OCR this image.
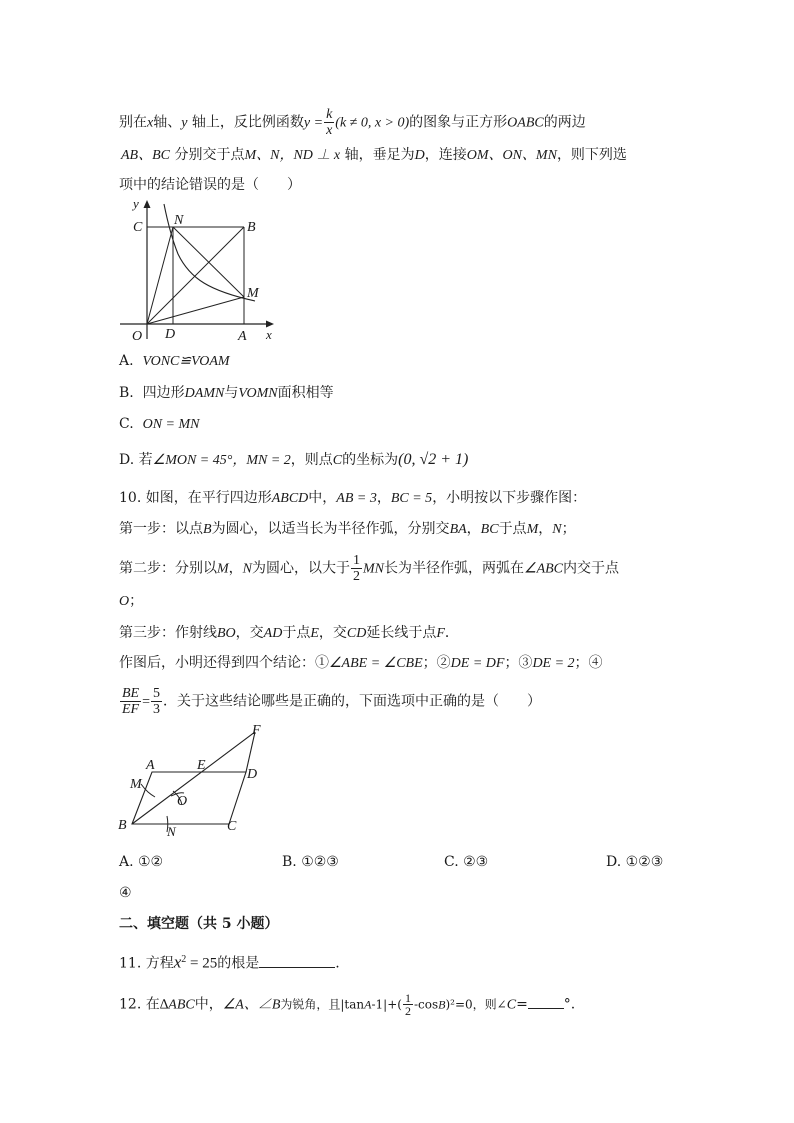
别在x轴、y 轴上，反比例函数$y = \frac{k}{x} (k \ne 0$, x > 0)的图象与正方形OABC的两边
AB、BC 分别交于点M、N，ND ⊥ x 轴，垂足为D，连接OM、ON、MN，则下列选
项中的结论错误的是（　　）
y
C N	B
M
O D	A x
A. VONC≌VOAM
B. 四边形DAMN与VOMN面积相等
C. ON = MN
D. 若∠MON = 45°，MN = 2，则点C的坐标为(0, √2 + 1)
10. 如图，在平行四边形ABCD中，AB = 3，BC = 5，小明按以下步骤作图：
第一步：以点B为圆心，以适当长为半径作弧，分别交BA，BC于点M，N；
第二步：分别以M，N为圆心，以大于 $\frac{1}{2}$ MN长为半径作弧，两弧在∠ABC内交于点
O；
第三步：作射线BO，交AD于点E，交CD延长线于点F．
作图后，小明还得到四个结论：①∠ABE = ∠CBE；②DE = DF；③DE = 2；④
$\frac{BE}{EF} = \frac{5}{3}$ ．关于这些结论哪些是正确的，下面选项中正确的是（　　）
F
A	E
D
M
O
B	N	C
A. ①②	B. ①②③	C. ②③	D. ①②③
④
二、填空题（共 5 小题）
11. 方程$x^2 = 25$的根是	.
12. 在∆ABC中，∠A、∠B为锐角，且$|\tan A-1|+( \frac{1}{2} -\cos B)^2=0$，则∠C=	°.
